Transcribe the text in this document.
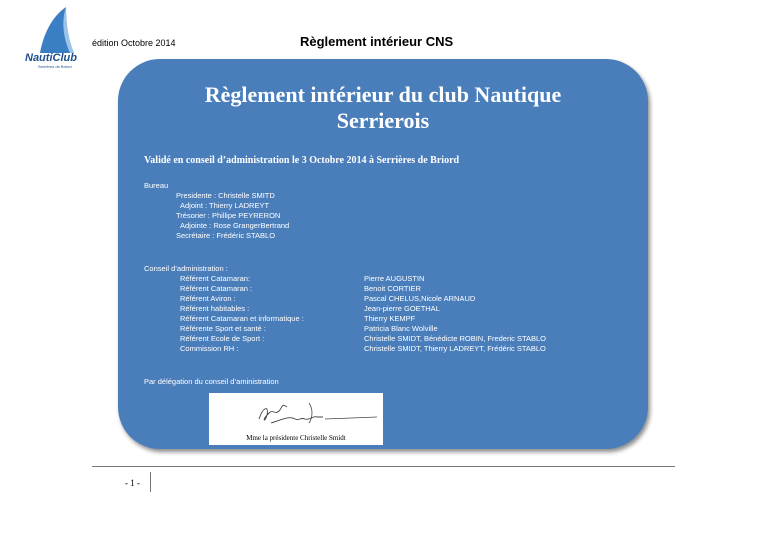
NautiClub
Serrières de Briord
édition Octobre 2014	Règlement intérieur CNS
Règlement intérieur du club Nautique
Serrierois
Validé en conseil d’administration le 3 Octobre 2014 à Serrières de Briord
Bureau
Presidente : Christelle SMITD
Adjoint : Thierry LADREYT
Trésorier : Phillipe PEYRERON
Adjointe : Rose GrangerBertrand
Secrétaire : Frédéric STABLO
Conseil d’administration :
Référent Catamaran:	Pierre AUGUSTIN
Référent Catamaran :	Benoit CORTIER
Référent Aviron :	Pascal CHELUS,Nicole ARNAUD
Référent habitables :	Jean-pierre GOETHAL
Référent Catamaran et informatique :	Thierry KEMPF
Référente Sport et santé :	Patricia Blanc Wolville
Référent Ecole de Sport :	Christelle SMIDT, Bénédicte ROBIN, Frederic STABLO
Commission RH :	Christelle SMIDT, Thierry LADREYT, Frédéric STABLO
Par délégation du conseil d’aministration
Mme la présidente Christelle Smidt
- 1 -
